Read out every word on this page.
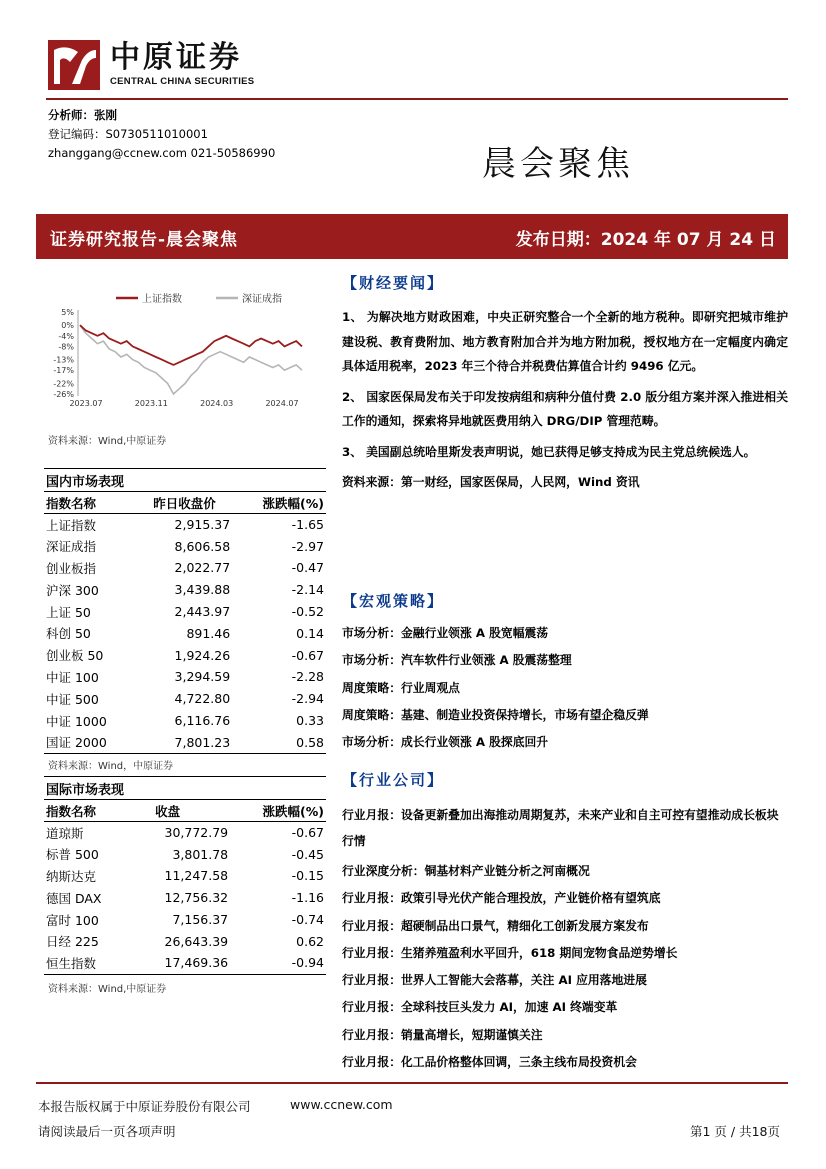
中原证券
CENTRAL CHINA SECURITIES
分析师：张刚
登记编码：S0730511010001
zhanggang@ccnew.com 021-50586990	晨会聚焦
证券研究报告-晨会聚焦	发布日期：2024 年 07 月 24 日
上证指数	深证成指
5%
0%
-4%
-8%
-13%
-17%
-22%
-26%
2023.07	2023.11	2024.03	2024.07
资料来源：Wind,中原证券
国内市场表现		
指数名称	昨日收盘价	涨跌幅(%)
上证指数	2,915.37	-1.65
深证成指	8,606.58	-2.97
创业板指	2,022.77	-0.47
沪深 300	3,439.88	-2.14
上证 50	2,443.97	-0.52
科创 50	891.46	0.14
创业板 50	1,924.26	-0.67
中证 100	3,294.59	-2.28
中证 500	4,722.80	-2.94
中证 1000	6,116.76	0.33
国证 2000	7,801.23	0.58
资料来源：Wind，中原证券
国际市场表现		
指数名称	收盘	涨跌幅(%)
道琼斯	30,772.79	-0.67
标普 500	3,801.78	-0.45
纳斯达克	11,247.58	-0.15
德国 DAX	12,756.32	-1.16
富时 100	7,156.37	-0.74
日经 225	26,643.39	0.62
恒生指数	17,469.36	-0.94
资料来源：Wind,中原证券
【财经要闻】
1、 为解决地方财政困难，中央正研究整合一个全新的地方税种。即研究把城市维护建设税、教育费附加、地方教育附加合并为地方附加税，授权地方在一定幅度内确定具体适用税率，2023 年三个待合并税费估算值合计约 9496 亿元。
2、 国家医保局发布关于印发按病组和病种分值付费 2.0 版分组方案并深入推进相关工作的通知，探索将异地就医费用纳入 DRG/DIP 管理范畴。
3、 美国副总统哈里斯发表声明说，她已获得足够支持成为民主党总统候选人。
资料来源：第一财经，国家医保局，人民网，Wind 资讯
【宏观策略】
市场分析：金融行业领涨 A 股宽幅震荡
市场分析：汽车软件行业领涨 A 股震荡整理
周度策略：行业周观点
周度策略：基建、制造业投资保持增长，市场有望企稳反弹
市场分析：成长行业领涨 A 股探底回升
【行业公司】
行业月报：设备更新叠加出海推动周期复苏，未来产业和自主可控有望推动成长板块行情
行业深度分析：铜基材料产业链分析之河南概况
行业月报：政策引导光伏产能合理投放，产业链价格有望筑底
行业月报：超硬制品出口景气，精细化工创新发展方案发布
行业月报：生猪养殖盈利水平回升，618 期间宠物食品逆势增长
行业月报：世界人工智能大会落幕，关注 AI 应用落地进展
行业月报：全球科技巨头发力 AI，加速 AI 终端变革
行业月报：销量高增长，短期谨慎关注
行业月报：化工品价格整体回调，三条主线布局投资机会
本报告版权属于中原证券股份有限公司	www.ccnew.com
请阅读最后一页各项声明	第1 页 / 共18页
